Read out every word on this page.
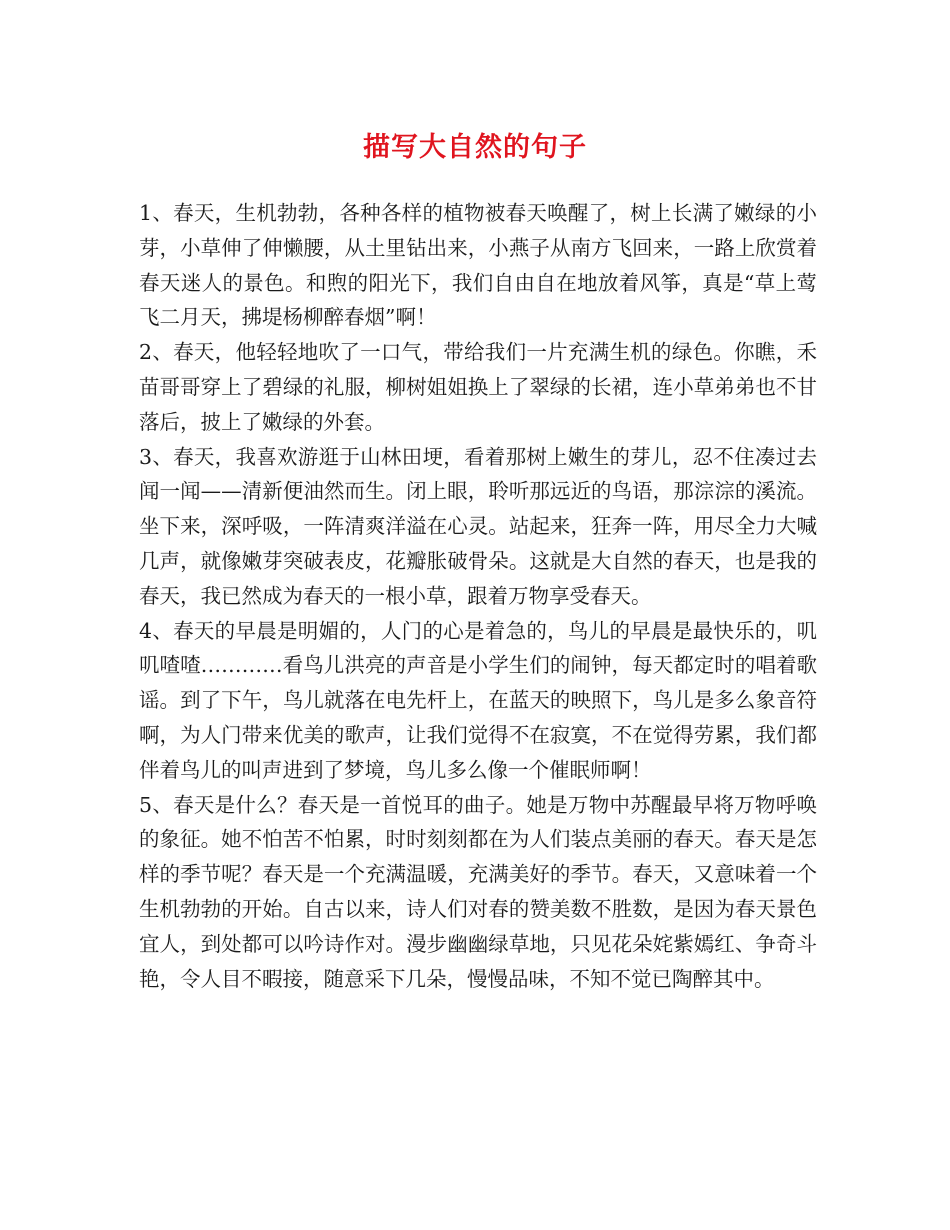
描写大自然的句子

1、春天，生机勃勃，各种各样的植物被春天唤醒了，树上长满了嫩绿的小芽，小草伸了伸懒腰，从土里钻出来，小燕子从南方飞回来，一路上欣赏着春天迷人的景色。和煦的阳光下，我们自由自在地放着风筝，真是“草上莺飞二月天，拂堤杨柳醉春烟”啊！

2、春天，他轻轻地吹了一口气，带给我们一片充满生机的绿色。你瞧，禾苗哥哥穿上了碧绿的礼服，柳树姐姐换上了翠绿的长裙，连小草弟弟也不甘落后，披上了嫩绿的外套。

3、春天，我喜欢游逛于山林田埂，看着那树上嫩生的芽儿，忍不住凑过去闻一闻——清新便油然而生。闭上眼，聆听那远近的鸟语，那淙淙的溪流。坐下来，深呼吸，一阵清爽洋溢在心灵。站起来，狂奔一阵，用尽全力大喊几声，就像嫩芽突破表皮，花瓣胀破骨朵。这就是大自然的春天，也是我的春天，我已然成为春天的一根小草，跟着万物享受春天。

4、春天的早晨是明媚的，人门的心是着急的，鸟儿的早晨是最快乐的，叽叽喳喳…………看鸟儿洪亮的声音是小学生们的闹钟，每天都定时的唱着歌谣。到了下午，鸟儿就落在电先杆上，在蓝天的映照下，鸟儿是多么象音符啊，为人门带来优美的歌声，让我们觉得不在寂寞，不在觉得劳累，我们都伴着鸟儿的叫声进到了梦境，鸟儿多么像一个催眠师啊！

5、春天是什么？春天是一首悦耳的曲子。她是万物中苏醒最早将万物呼唤的象征。她不怕苦不怕累，时时刻刻都在为人们装点美丽的春天。春天是怎样的季节呢？春天是一个充满温暖，充满美好的季节。春天，又意味着一个生机勃勃的开始。自古以来，诗人们对春的赞美数不胜数，是因为春天景色宜人，到处都可以吟诗作对。漫步幽幽绿草地，只见花朵姹紫嫣红、争奇斗艳，令人目不暇接，随意采下几朵，慢慢品味，不知不觉已陶醉其中。
